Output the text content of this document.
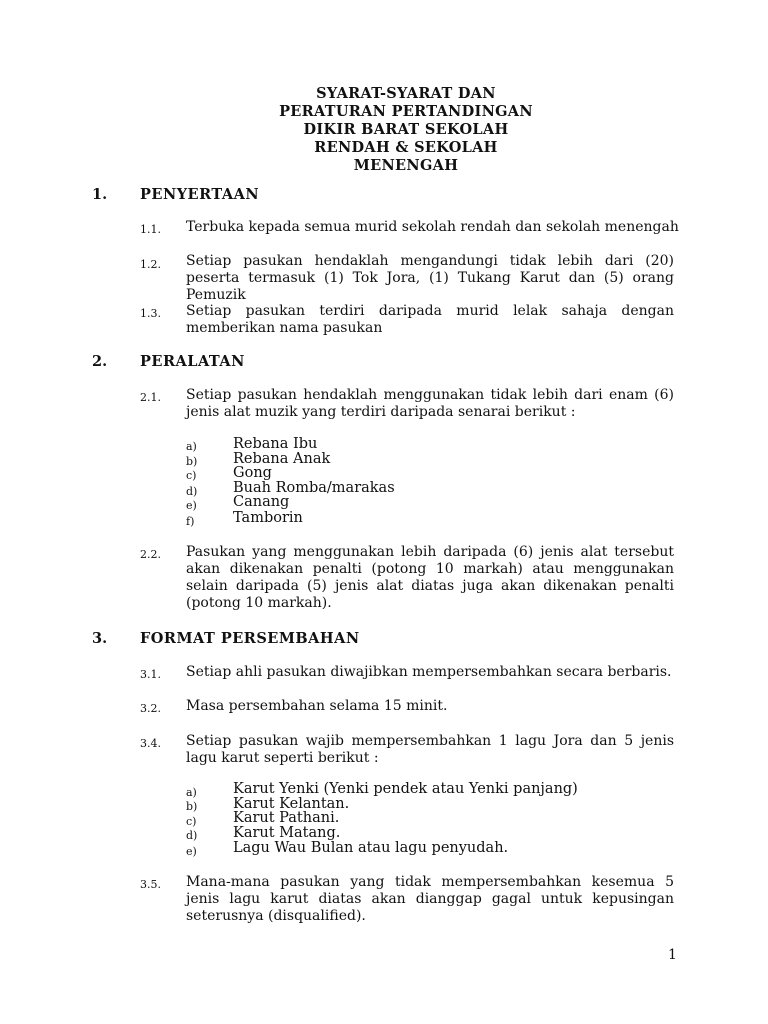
SYARAT-SYARAT DAN
PERATURAN PERTANDINGAN
DIKIR BARAT SEKOLAH
RENDAH & SEKOLAH
MENENGAH
1. PENYERTAAN
1.1. Terbuka kepada semua murid sekolah rendah dan sekolah menengah
1.2. Setiap pasukan hendaklah mengandungi tidak lebih dari (20) peserta termasuk (1) Tok Jora, (1) Tukang Karut dan (5) orang Pemuzik
1.3. Setiap pasukan terdiri daripada murid lelak sahaja dengan memberikan nama pasukan
2. PERALATAN
2.1. Setiap pasukan hendaklah menggunakan tidak lebih dari enam (6) jenis alat muzik yang terdiri daripada senarai berikut :
a) Rebana Ibu
b) Rebana Anak
c)	Gong
d) Buah Romba/marakas
e) Canang
f)	Tamborin
2.2. Pasukan yang menggunakan lebih daripada (6) jenis alat tersebut akan dikenakan penalti (potong 10 markah) atau menggunakan selain daripada (5) jenis alat diatas juga akan dikenakan penalti (potong 10 markah).
3. FORMAT PERSEMBAHAN
3.1. Setiap ahli pasukan diwajibkan mempersembahkan secara berbaris.
3.2. Masa persembahan selama 15 minit.
3.4. Setiap pasukan wajib mempersembahkan 1 lagu Jora dan 5 jenis lagu karut seperti berikut :
a) Karut Yenki (Yenki pendek atau Yenki panjang)
b) Karut Kelantan.
c)	Karut Pathani.
d) Karut Matang.
e) Lagu Wau Bulan atau lagu penyudah.
3.5. Mana-mana pasukan yang tidak mempersembahkan kesemua 5 jenis lagu karut diatas akan dianggap gagal untuk kepusingan seterusnya (disqualified).
1
